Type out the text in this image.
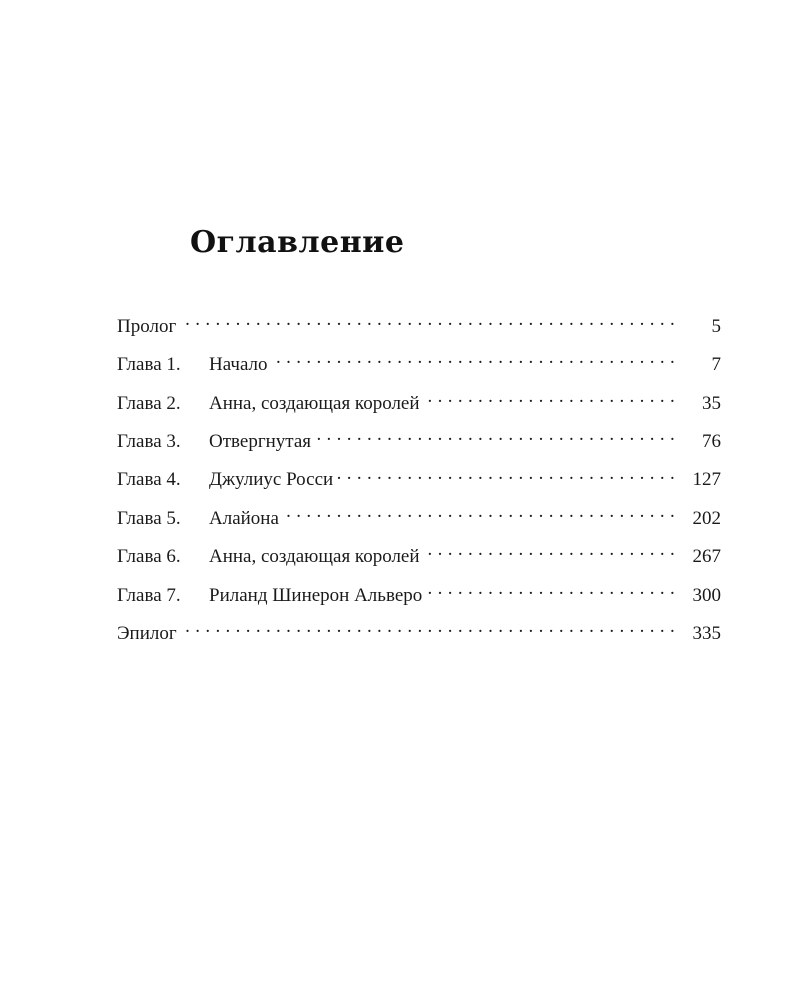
Оглавление
Пролог . . .	5
Глава 1.	Начало . . .	7
Глава 2.	Анна, создающая королей . . .	35
Глава 3.	Отвергнутая . . .	76
Глава 4.	Джулиус Росси . . .	127
Глава 5.	Алайона . . .	202
Глава 6.	Анна, создающая королей . . .	267
Глава 7.	Риланд Шинерон Альверо . . .	300
Эпилог . . .	335
